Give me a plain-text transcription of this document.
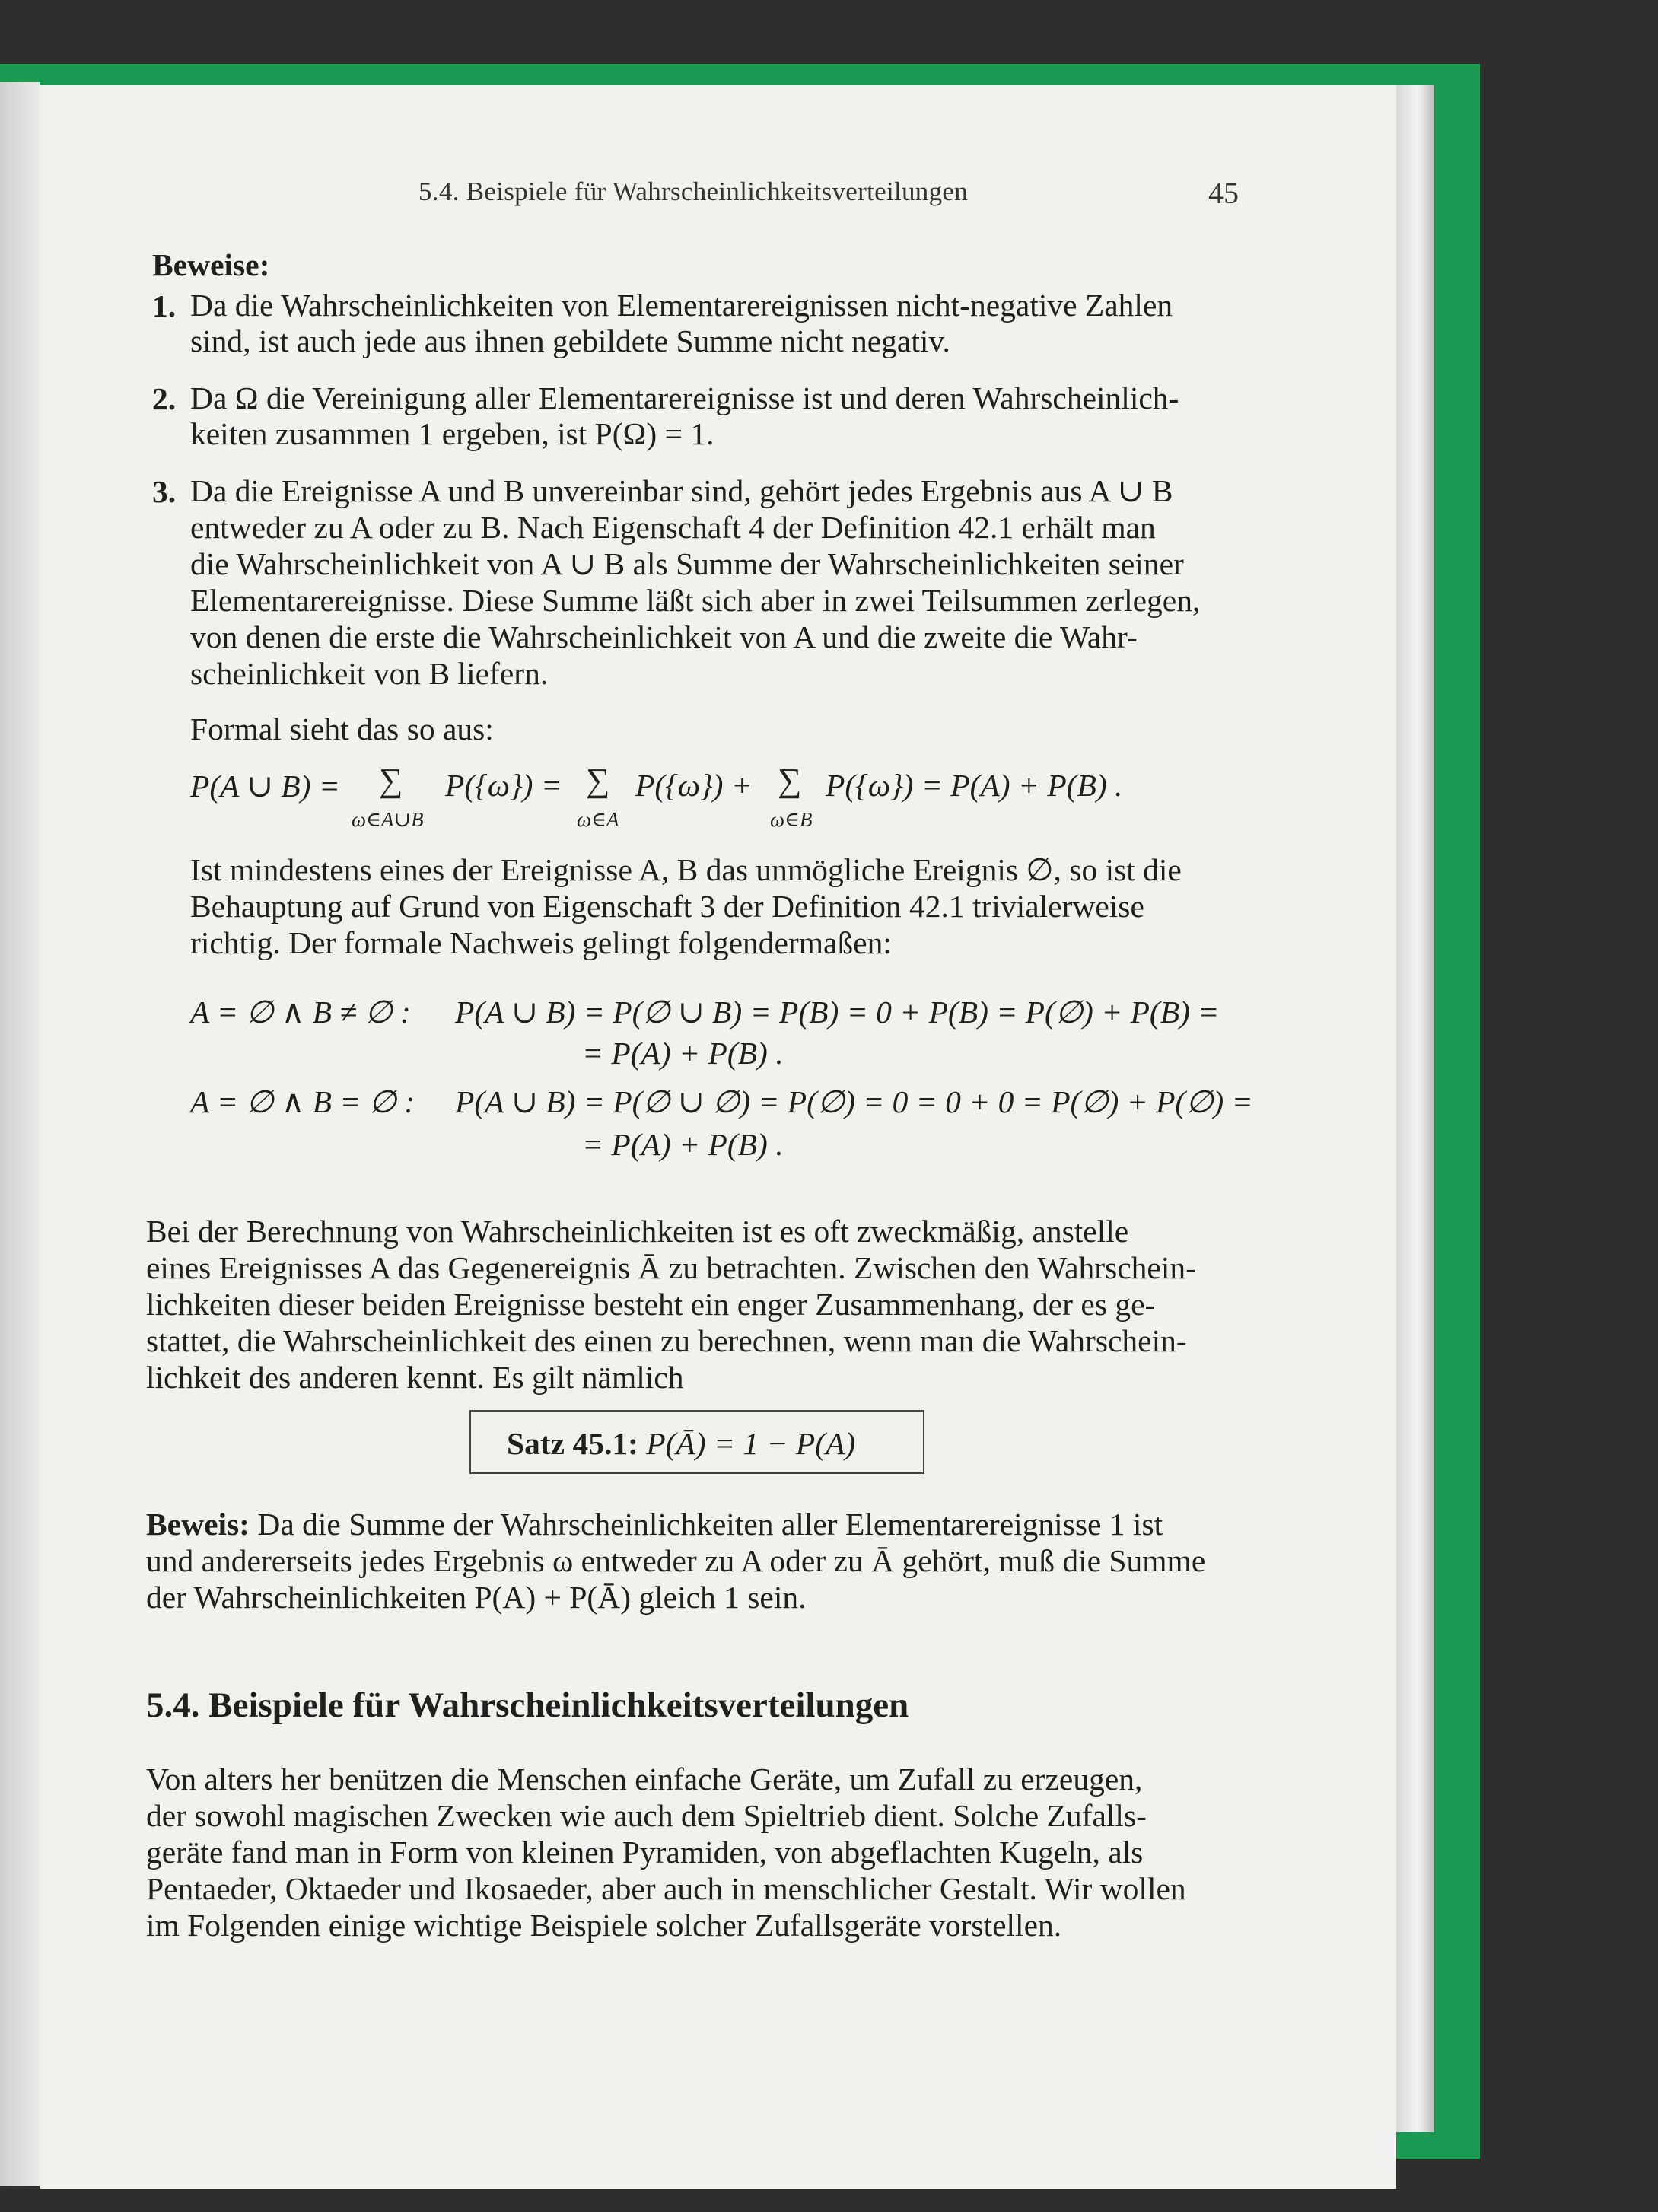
5.4. Beispiele für Wahrscheinlichkeitsverteilungen	45
Beweise:
1. Da die Wahrscheinlichkeiten von Elementarereignissen nicht-negative Zahlen
sind, ist auch jede aus ihnen gebildete Summe nicht negativ.
2. Da Ω die Vereinigung aller Elementarereignisse ist und deren Wahrscheinlich-
keiten zusammen 1 ergeben, ist P(Ω) = 1.
3. Da die Ereignisse A und B unvereinbar sind, gehört jedes Ergebnis aus A ∪ B
entweder zu A oder zu B. Nach Eigenschaft 4 der Definition 42.1 erhält man
die Wahrscheinlichkeit von A ∪ B als Summe der Wahrscheinlichkeiten seiner
Elementarereignisse. Diese Summe läßt sich aber in zwei Teilsummen zerlegen,
von denen die erste die Wahrscheinlichkeit von A und die zweite die Wahr-
scheinlichkeit von B liefern.
Formal sieht das so aus:
P(A ∪ B) = ∑
ω∈A∪B
P({ω}) = ∑
ω∈A
P({ω}) + ∑
ω∈B
P({ω}) = P(A) + P(B) .
Ist mindestens eines der Ereignisse A, B das unmögliche Ereignis ∅, so ist die
Behauptung auf Grund von Eigenschaft 3 der Definition 42.1 trivialerweise
richtig. Der formale Nachweis gelingt folgendermaßen:
A = ∅ ∧ B ≠ ∅ : P(A ∪ B) = P(∅ ∪ B) = P(B) = 0 + P(B) = P(∅) + P(B) =
= P(A) + P(B) .
A = ∅ ∧ B = ∅ : P(A ∪ B) = P(∅ ∪ ∅) = P(∅) = 0 = 0 + 0 = P(∅) + P(∅) =
= P(A) + P(B) .
Bei der Berechnung von Wahrscheinlichkeiten ist es oft zweckmäßig, anstelle
eines Ereignisses A das Gegenereignis Ā zu betrachten. Zwischen den Wahrschein-
lichkeiten dieser beiden Ereignisse besteht ein enger Zusammenhang, der es ge-
stattet, die Wahrscheinlichkeit des einen zu berechnen, wenn man die Wahrschein-
lichkeit des anderen kennt. Es gilt nämlich
Satz 45.1: P(Ā) = 1 − P(A)
Beweis: Da die Summe der Wahrscheinlichkeiten aller Elementarereignisse 1 ist
und andererseits jedes Ergebnis ω entweder zu A oder zu Ā gehört, muß die Summe
der Wahrscheinlichkeiten P(A) + P(Ā) gleich 1 sein.
5.4. Beispiele für Wahrscheinlichkeitsverteilungen
Von alters her benützen die Menschen einfache Geräte, um Zufall zu erzeugen,
der sowohl magischen Zwecken wie auch dem Spieltrieb dient. Solche Zufalls-
geräte fand man in Form von kleinen Pyramiden, von abgeflachten Kugeln, als
Pentaeder, Oktaeder und Ikosaeder, aber auch in menschlicher Gestalt. Wir wollen
im Folgenden einige wichtige Beispiele solcher Zufallsgeräte vorstellen.
